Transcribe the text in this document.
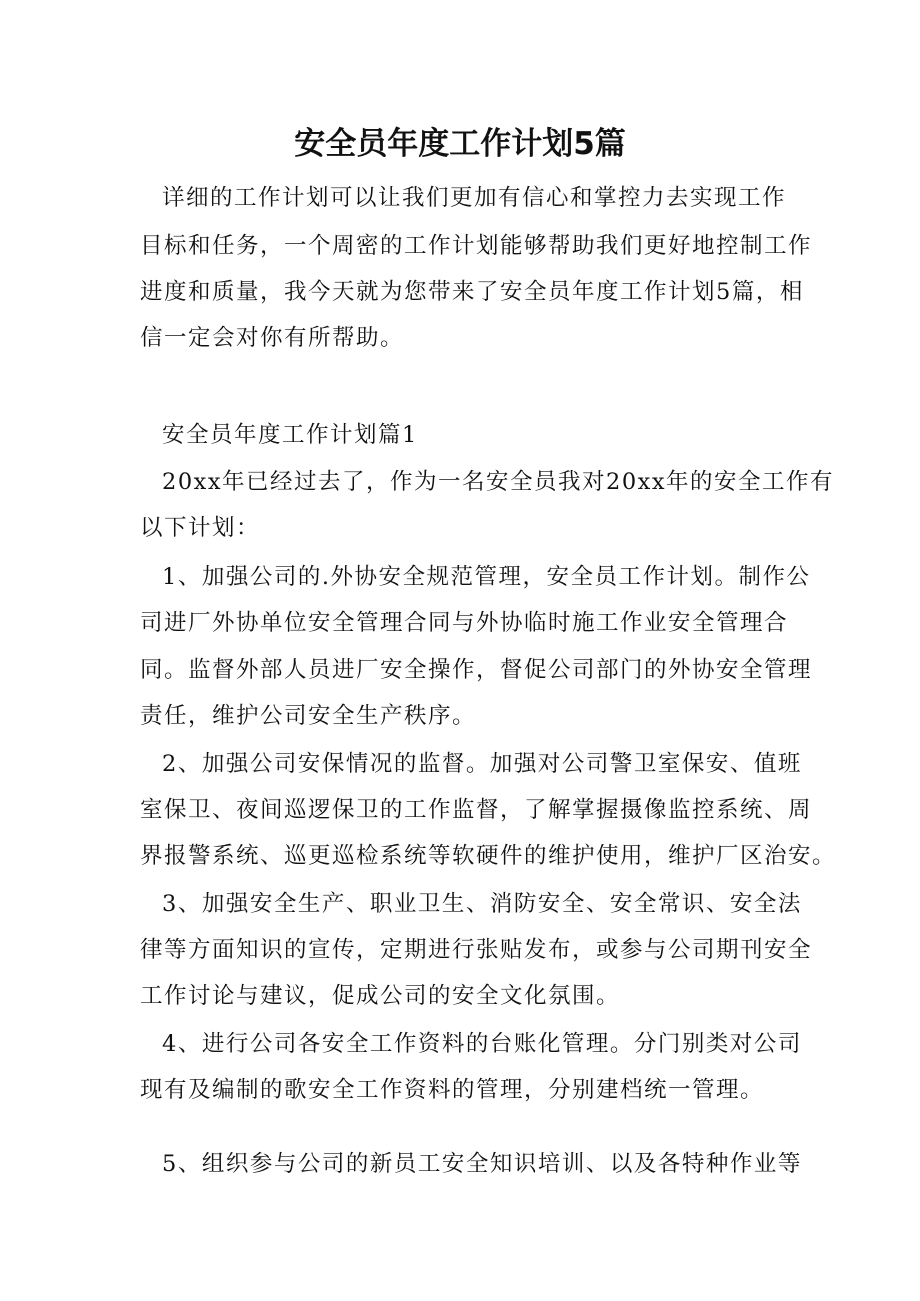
安全员年度工作计划5篇

详细的工作计划可以让我们更加有信心和掌控力去实现工作

目标和任务，一个周密的工作计划能够帮助我们更好地控制工作

进度和质量，我今天就为您带来了安全员年度工作计划5篇，相

信一定会对你有所帮助。

安全员年度工作计划篇1

20xx年已经过去了，作为一名安全员我对20xx年的安全工作有

以下计划：

1、加强公司的.外协安全规范管理，安全员工作计划。制作公

司进厂外协单位安全管理合同与外协临时施工作业安全管理合

同。监督外部人员进厂安全操作，督促公司部门的外协安全管理

责任，维护公司安全生产秩序。

2、加强公司安保情况的监督。加强对公司警卫室保安、值班

室保卫、夜间巡逻保卫的工作监督，了解掌握摄像监控系统、周

界报警系统、巡更巡检系统等软硬件的维护使用，维护厂区治安。

3、加强安全生产、职业卫生、消防安全、安全常识、安全法

律等方面知识的宣传，定期进行张贴发布，或参与公司期刊安全

工作讨论与建议，促成公司的安全文化氛围。

4、进行公司各安全工作资料的台账化管理。分门别类对公司

现有及编制的歌安全工作资料的管理，分别建档统一管理。

5、组织参与公司的新员工安全知识培训、以及各特种作业等
